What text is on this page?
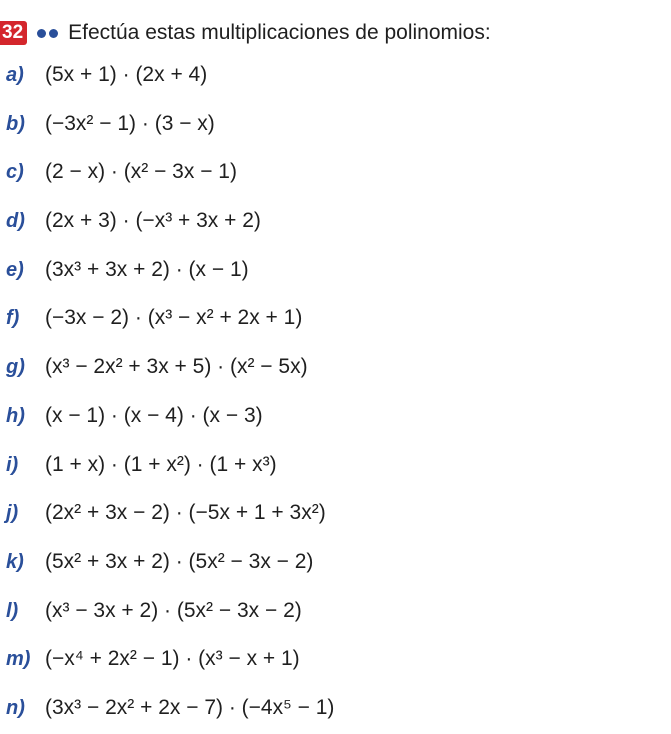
32 Efectúa estas multiplicaciones de polinomios:
a)	(5x + 1) · (2x + 4)
b) (−3x² − 1) · (3 − x)
c)	(2 − x) · (x² − 3x − 1)
d) (2x + 3) · (−x³ + 3x + 2)
e)	(3x³ + 3x + 2) · (x − 1)
f)	(−3x − 2) · (x³ − x² + 2x + 1)
g) (x³ − 2x² + 3x + 5) · (x² − 5x)
h) (x − 1) · (x − 4) · (x − 3)
i)	(1 + x) · (1 + x²) · (1 + x³)
j)	(2x² + 3x − 2) · (−5x + 1 + 3x²)
k)	(5x² + 3x + 2) · (5x² − 3x − 2)
l)	(x³ − 3x + 2) · (5x² − 3x − 2)
m) (−x⁴ + 2x² − 1) · (x³ − x + 1)
n) (3x³ − 2x² + 2x − 7) · (−4x⁵ − 1)
